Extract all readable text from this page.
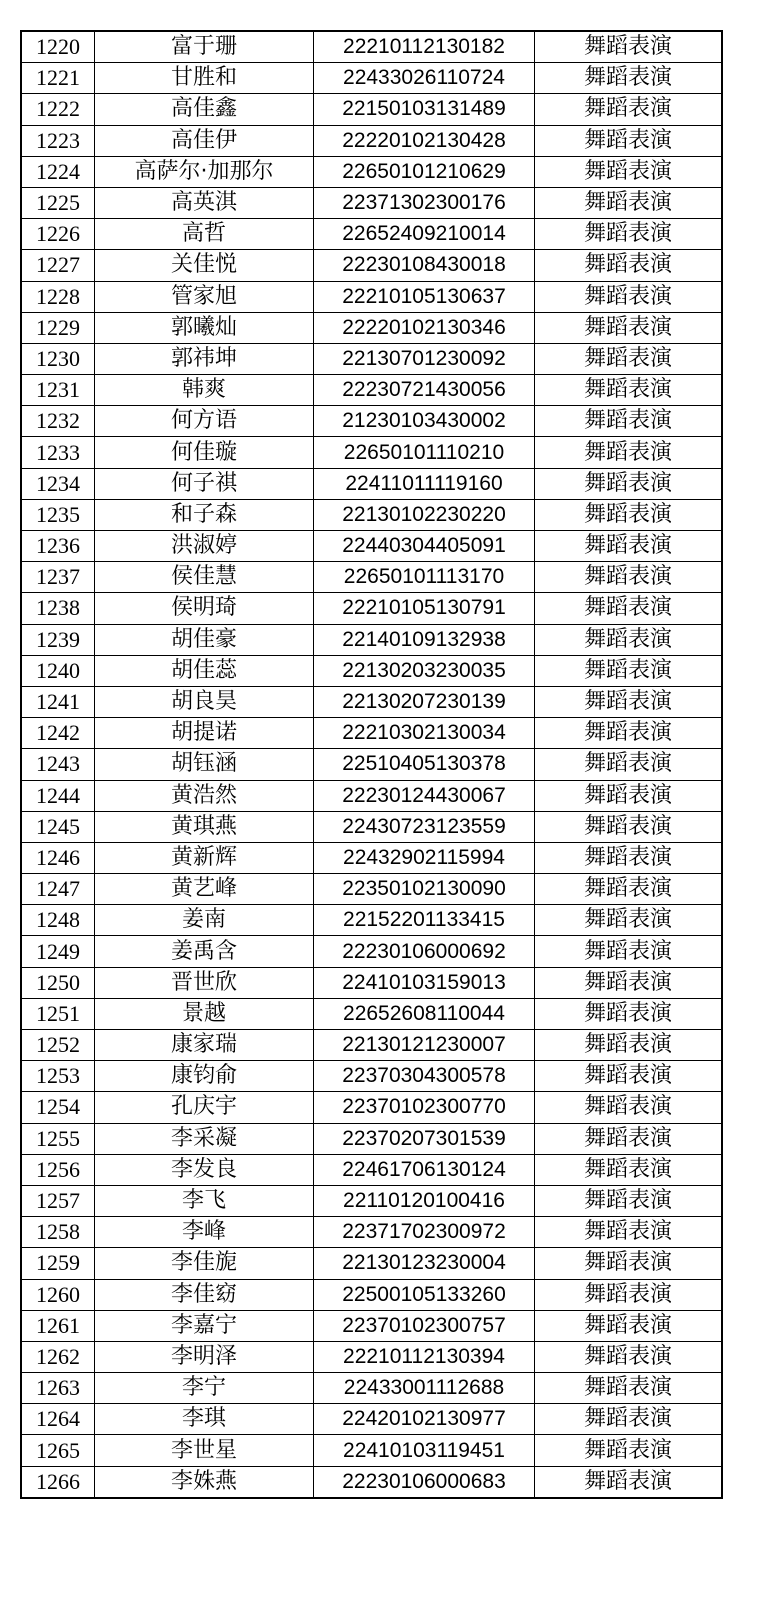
1220	富于珊	22210112130182	舞蹈表演
1221	甘胜和	22433026110724	舞蹈表演
1222	高佳鑫	22150103131489	舞蹈表演
1223	高佳伊	22220102130428	舞蹈表演
1224	高萨尔·加那尔	22650101210629	舞蹈表演
1225	高英淇	22371302300176	舞蹈表演
1226	高哲	22652409210014	舞蹈表演
1227	关佳悦	22230108430018	舞蹈表演
1228	管家旭	22210105130637	舞蹈表演
1229	郭曦灿	22220102130346	舞蹈表演
1230	郭祎坤	22130701230092	舞蹈表演
1231	韩爽	22230721430056	舞蹈表演
1232	何方语	21230103430002	舞蹈表演
1233	何佳璇	22650101110210	舞蹈表演
1234	何子祺	22411011119160	舞蹈表演
1235	和子森	22130102230220	舞蹈表演
1236	洪淑婷	22440304405091	舞蹈表演
1237	侯佳慧	22650101113170	舞蹈表演
1238	侯明琦	22210105130791	舞蹈表演
1239	胡佳豪	22140109132938	舞蹈表演
1240	胡佳蕊	22130203230035	舞蹈表演
1241	胡良昊	22130207230139	舞蹈表演
1242	胡提诺	22210302130034	舞蹈表演
1243	胡钰涵	22510405130378	舞蹈表演
1244	黄浩然	22230124430067	舞蹈表演
1245	黄琪燕	22430723123559	舞蹈表演
1246	黄新辉	22432902115994	舞蹈表演
1247	黄艺峰	22350102130090	舞蹈表演
1248	姜南	22152201133415	舞蹈表演
1249	姜禹含	22230106000692	舞蹈表演
1250	晋世欣	22410103159013	舞蹈表演
1251	景越	22652608110044	舞蹈表演
1252	康家瑞	22130121230007	舞蹈表演
1253	康钧俞	22370304300578	舞蹈表演
1254	孔庆宇	22370102300770	舞蹈表演
1255	李采凝	22370207301539	舞蹈表演
1256	李发良	22461706130124	舞蹈表演
1257	李飞	22110120100416	舞蹈表演
1258	李峰	22371702300972	舞蹈表演
1259	李佳旎	22130123230004	舞蹈表演
1260	李佳窈	22500105133260	舞蹈表演
1261	李嘉宁	22370102300757	舞蹈表演
1262	李明泽	22210112130394	舞蹈表演
1263	李宁	22433001112688	舞蹈表演
1264	李琪	22420102130977	舞蹈表演
1265	李世星	22410103119451	舞蹈表演
1266	李姝燕	22230106000683	舞蹈表演
